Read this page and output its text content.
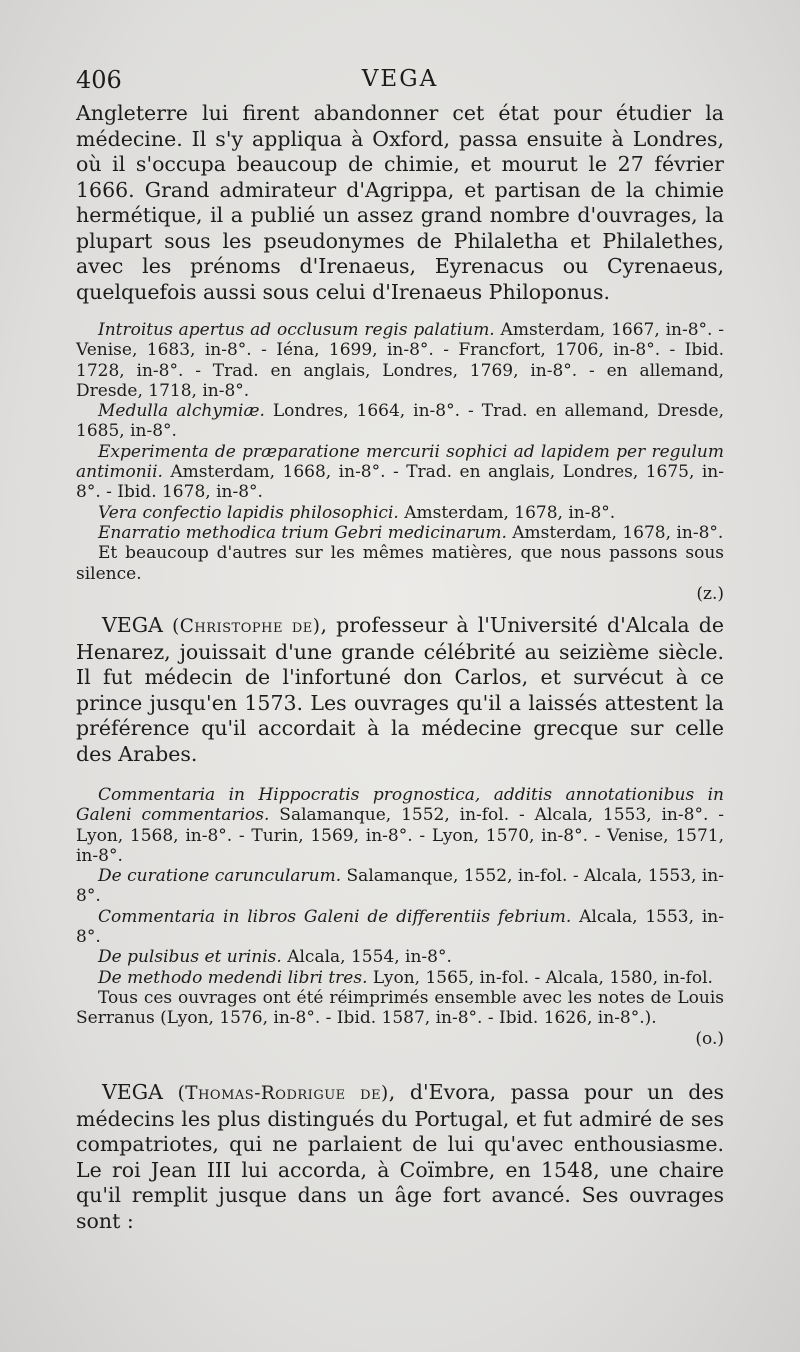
406	VEGA

Angleterre lui firent abandonner cet état pour étudier la médecine. Il s'y appliqua à Oxford, passa ensuite à Londres, où il s'occupa beaucoup de chimie, et mourut le 27 février 1666. Grand admirateur d'Agrippa, et partisan de la chimie hermétique, il a publié un assez grand nombre d'ouvrages, la plupart sous les pseudonymes de Philaletha et Philalethes, avec les prénoms d'Irenaeus, Eyrenacus ou Cyrenaeus, quelquefois aussi sous celui d'Irenaeus Philoponus.

Introitus apertus ad occlusum regis palatium. Amsterdam, 1667, in-8°. - Venise, 1683, in-8°. - Iéna, 1699, in-8°. - Francfort, 1706, in-8°. - Ibid. 1728, in-8°. - Trad. en anglais, Londres, 1769, in-8°. - en allemand, Dresde, 1718, in-8°.

Medulla alchymiæ. Londres, 1664, in-8°. - Trad. en allemand, Dresde, 1685, in-8°.

Experimenta de præparatione mercurii sophici ad lapidem per regulum antimonii. Amsterdam, 1668, in-8°. - Trad. en anglais, Londres, 1675, in-8°. - Ibid. 1678, in-8°.

Vera confectio lapidis philosophici. Amsterdam, 1678, in-8°.

Enarratio methodica trium Gebri medicinarum. Amsterdam, 1678, in-8°.

Et beaucoup d'autres sur les mêmes matières, que nous passons sous silence.

(z.)

VEGA (Christophe de), professeur à l'Université d'Alcala de Henarez, jouissait d'une grande célébrité au seizième siècle. Il fut médecin de l'infortuné don Carlos, et survécut à ce prince jusqu'en 1573. Les ouvrages qu'il a laissés attestent la préférence qu'il accordait à la médecine grecque sur celle des Arabes.

Commentaria in Hippocratis prognostica, additis annotationibus in Galeni commentarios. Salamanque, 1552, in-fol. - Alcala, 1553, in-8°. - Lyon, 1568, in-8°. - Turin, 1569, in-8°. - Lyon, 1570, in-8°. - Venise, 1571, in-8°.

De curatione caruncularum. Salamanque, 1552, in-fol. - Alcala, 1553, in-8°.

Commentaria in libros Galeni de differentiis febrium. Alcala, 1553, in-8°.

De pulsibus et urinis. Alcala, 1554, in-8°.

De methodo medendi libri tres. Lyon, 1565, in-fol. - Alcala, 1580, in-fol.

Tous ces ouvrages ont été réimprimés ensemble avec les notes de Louis Serranus (Lyon, 1576, in-8°. - Ibid. 1587, in-8°. - Ibid. 1626, in-8°.).

(o.)

VEGA (Thomas-Rodrigue de), d'Evora, passa pour un des médecins les plus distingués du Portugal, et fut admiré de ses compatriotes, qui ne parlaient de lui qu'avec enthousiasme. Le roi Jean III lui accorda, à Coïmbre, en 1548, une chaire qu'il remplit jusque dans un âge fort avancé. Ses ouvrages sont :
